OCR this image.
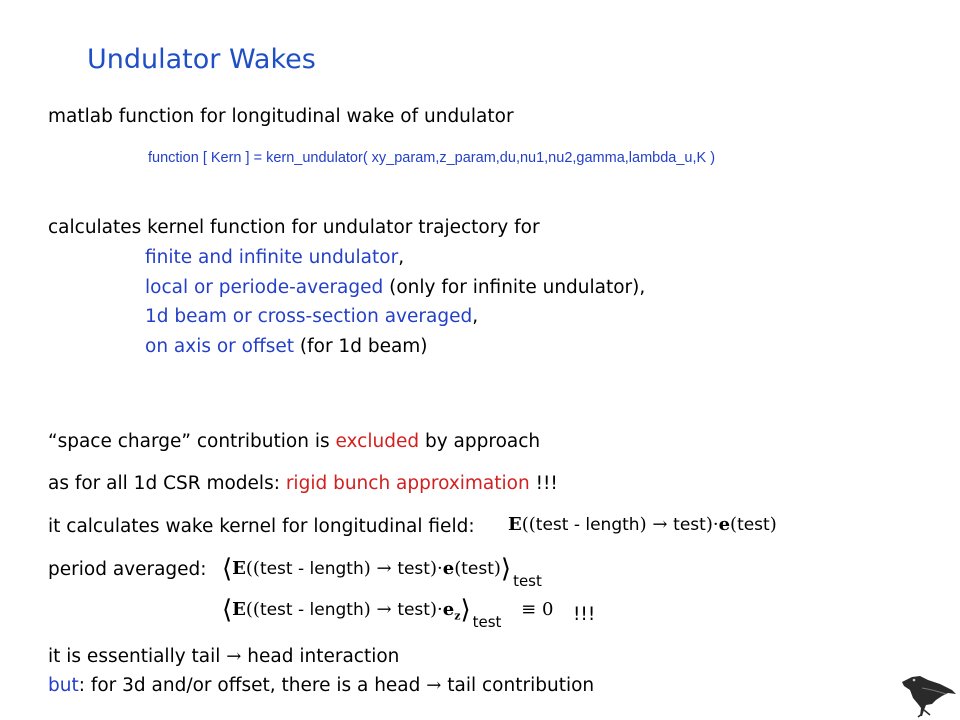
Undulator Wakes
matlab function for longitudinal wake of undulator
function [ Kern ] = kern_undulator( xy_param,z_param,du,nu1,nu2,gamma,lambda_u,K )
calculates kernel function for undulator trajectory for
finite and infinite undulator,
local or periode-averaged (only for infinite undulator),
1d beam or cross-section averaged,
on axis or offset (for 1d beam)
“space charge” contribution is excluded by approach
as for all 1d CSR models: rigid bunch approximation !!!
it calculates wake kernel for longitudinal field: E((test - length) → test)·e(test)
period averaged: ⟨E((test - length) → test)·e(test)⟩ $_{test}$
⟨E((test - length) → $test)\cdot e_z⟩$ $_{test}$ ≡ 0 !!!
it is essentially tail → head interaction
but: for 3d and/or offset, there is a head → tail contribution
